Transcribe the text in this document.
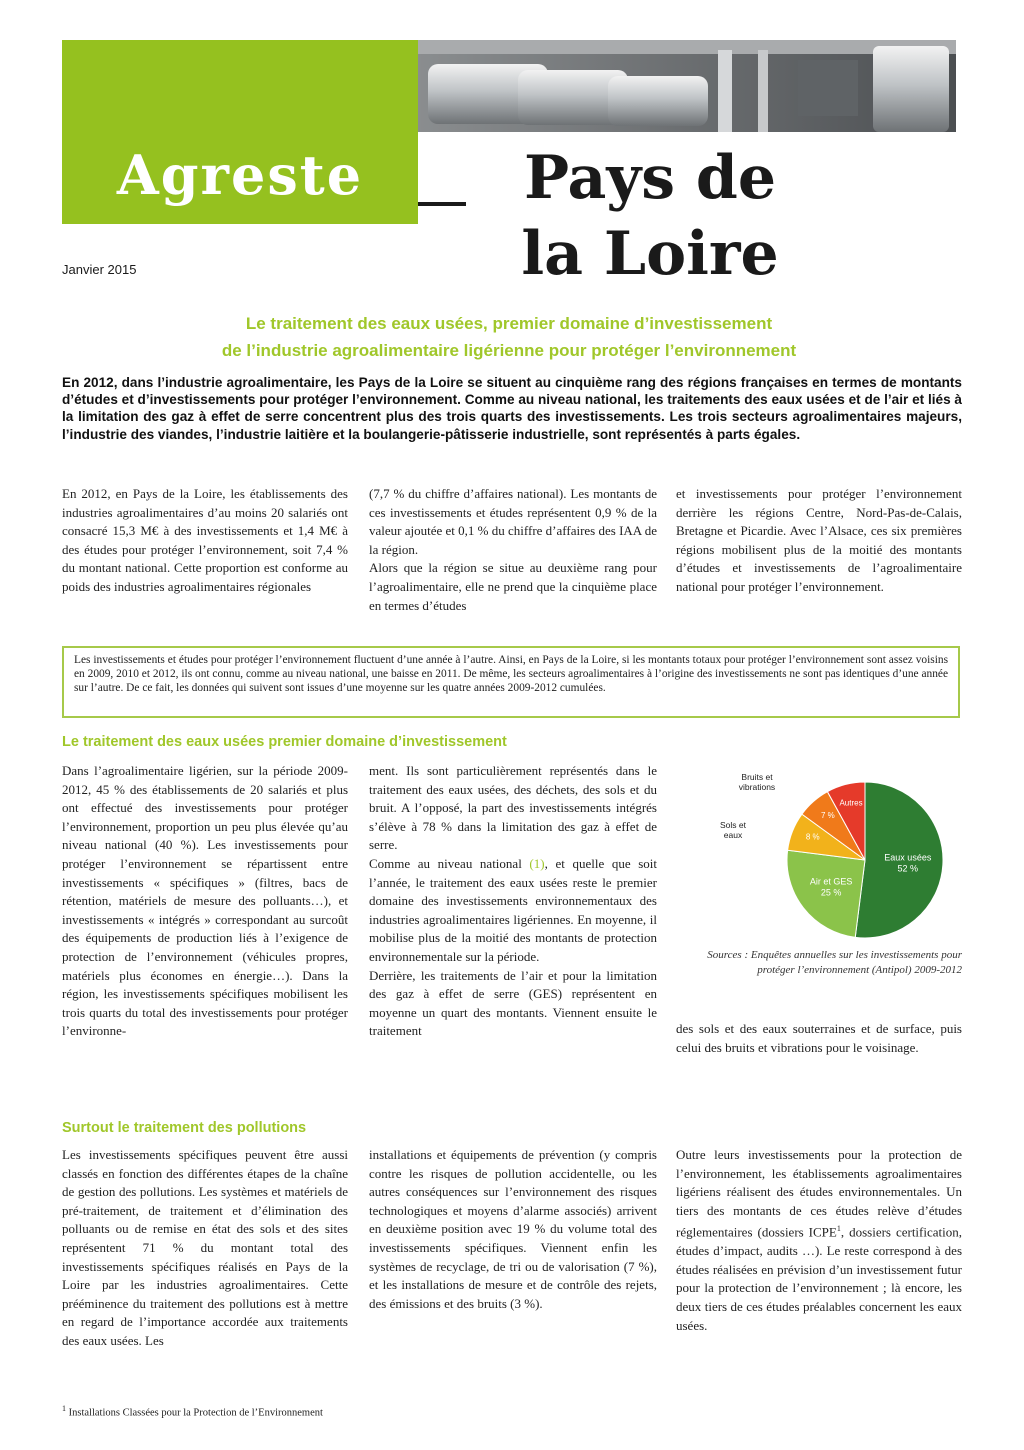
Agreste	Pays de
la Loire
Janvier 2015
Le traitement des eaux usées, premier domaine d’investissement
de l’industrie agroalimentaire ligérienne pour protéger l’environnement
En 2012, dans l’industrie agroalimentaire, les Pays de la Loire se situent au cinquième rang des régions françaises en termes de montants d’études et d’investissements pour protéger l’environnement. Comme au niveau national, les traitements des eaux usées et de l’air et liés à la limitation des gaz à effet de serre concentrent plus des trois quarts des investissements. Les trois secteurs agroalimentaires majeurs, l’industrie des viandes, l’industrie laitière et la boulangerie-pâtisserie industrielle, sont représentés à parts égales.

En 2012, en Pays de la Loire, les établissements des industries agroalimentaires d’au moins 20 salariés ont consacré 15,3 M€ à des investissements et 1,4 M€ à des études pour protéger l’environnement, soit 7,4 % du montant national. Cette proportion est conforme au poids des industries agroalimentaires régionales

(7,7 % du chiffre d’affaires national). Les montants de ces investissements et études représentent 0,9 % de la valeur ajoutée et 0,1 % du chiffre d’affaires des IAA de la région.

Alors que la région se situe au deuxième rang pour l’agroalimentaire, elle ne prend que la cinquième place en termes d’études

et investissements pour protéger l’environnement derrière les régions Centre, Nord-Pas-de-Calais, Bretagne et Picardie. Avec l’Alsace, ces six premières régions mobilisent plus de la moitié des montants d’études et investissements de l’agroalimentaire national pour protéger l’environnement.

Les investissements et études pour protéger l’environnement fluctuent d’une année à l’autre. Ainsi, en Pays de la Loire, si les montants totaux pour protéger l’environnement sont assez voisins en 2009, 2010 et 2012, ils ont connu, comme au niveau national, une baisse en 2011. De même, les secteurs agroalimentaires à l’origine des investissements ne sont pas identiques d’une année sur l’autre. De ce fait, les données qui suivent sont issues d’une moyenne sur les quatre années 2009-2012 cumulées.

Le traitement des eaux usées premier domaine d’investissement

Dans l’agroalimentaire ligérien, sur la période 2009-2012, 45 % des établissements de 20 salariés et plus ont effectué des investissements pour protéger l’environnement, proportion un peu plus élevée qu’au niveau national (40 %). Les investissements pour protéger l’environnement se répartissent entre investissements « spécifiques » (filtres, bacs de rétention, matériels de mesure des polluants…), et investissements « intégrés » correspondant au surcoût des équipements de production liés à l’exigence de protection de l’environnement (véhicules propres, matériels plus économes en énergie…). Dans la région, les investissements spécifiques mobilisent les trois quarts du total des investissements pour protéger l’environne-

ment. Ils sont particulièrement représentés dans le traitement des eaux usées, des déchets, des sols et du bruit. A l’opposé, la part des investissements intégrés s’élève à 78 % dans la limitation des gaz à effet de serre.

Comme au niveau national (1), et quelle que soit l’année, le traitement des eaux usées reste le premier domaine des investissements environnementaux des industries agroalimentaires ligériennes. En moyenne, il mobilise plus de la moitié des montants de protection environnementale sur la période.

Derrière, les traitements de l’air et pour la limitation des gaz à effet de serre (GES) représentent en moyenne un quart des montants. Viennent ensuite le traitement	des sols et des eaux souterraines et de surface, puis celui des bruits et vibrations pour le voisinage.

Eaux usées 52 %
Air et GES 25 %
8 %
7 %
Autres
Sols et eaux
Bruits et vibrations
Sources : Enquêtes annuelles sur les investissements pour protéger l’environnement (Antipol) 2009-2012
Surtout le traitement des pollutions

Les investissements spécifiques peuvent être aussi classés en fonction des différentes étapes de la chaîne de gestion des pollutions. Les systèmes et matériels de pré-traitement, de traitement et d’élimination des polluants ou de remise en état des sols et des sites représentent 71 % du montant total des investissements spécifiques réalisés en Pays de la Loire par les industries agroalimentaires. Cette prééminence du traitement des pollutions est à mettre en regard de l’importance accordée aux traitements des eaux usées. Les

installations et équipements de prévention (y compris contre les risques de pollution accidentelle, ou les autres conséquences sur l’environnement des risques technologiques et moyens d’alarme associés) arrivent en deuxième position avec 19 % du volume total des investissements spécifiques. Viennent enfin les systèmes de recyclage, de tri ou de valorisation (7 %), et les installations de mesure et de contrôle des rejets, des émissions et des bruits (3 %).

Outre leurs investissements pour la protection de l’environnement, les établissements agroalimentaires ligériens réalisent des études environnementales. Un tiers des montants de ces études relève d’études réglementaires (dossiers ICPE$^1$, dossiers certification, études d’impact, audits …). Le reste correspond à des études réalisées en prévision d’un investissement futur pour la protection de l’environnement ; là encore, les deux tiers de ces études préalables concernent les eaux usées.

$^1$ Installations Classées pour la Protection de l’Environnement
